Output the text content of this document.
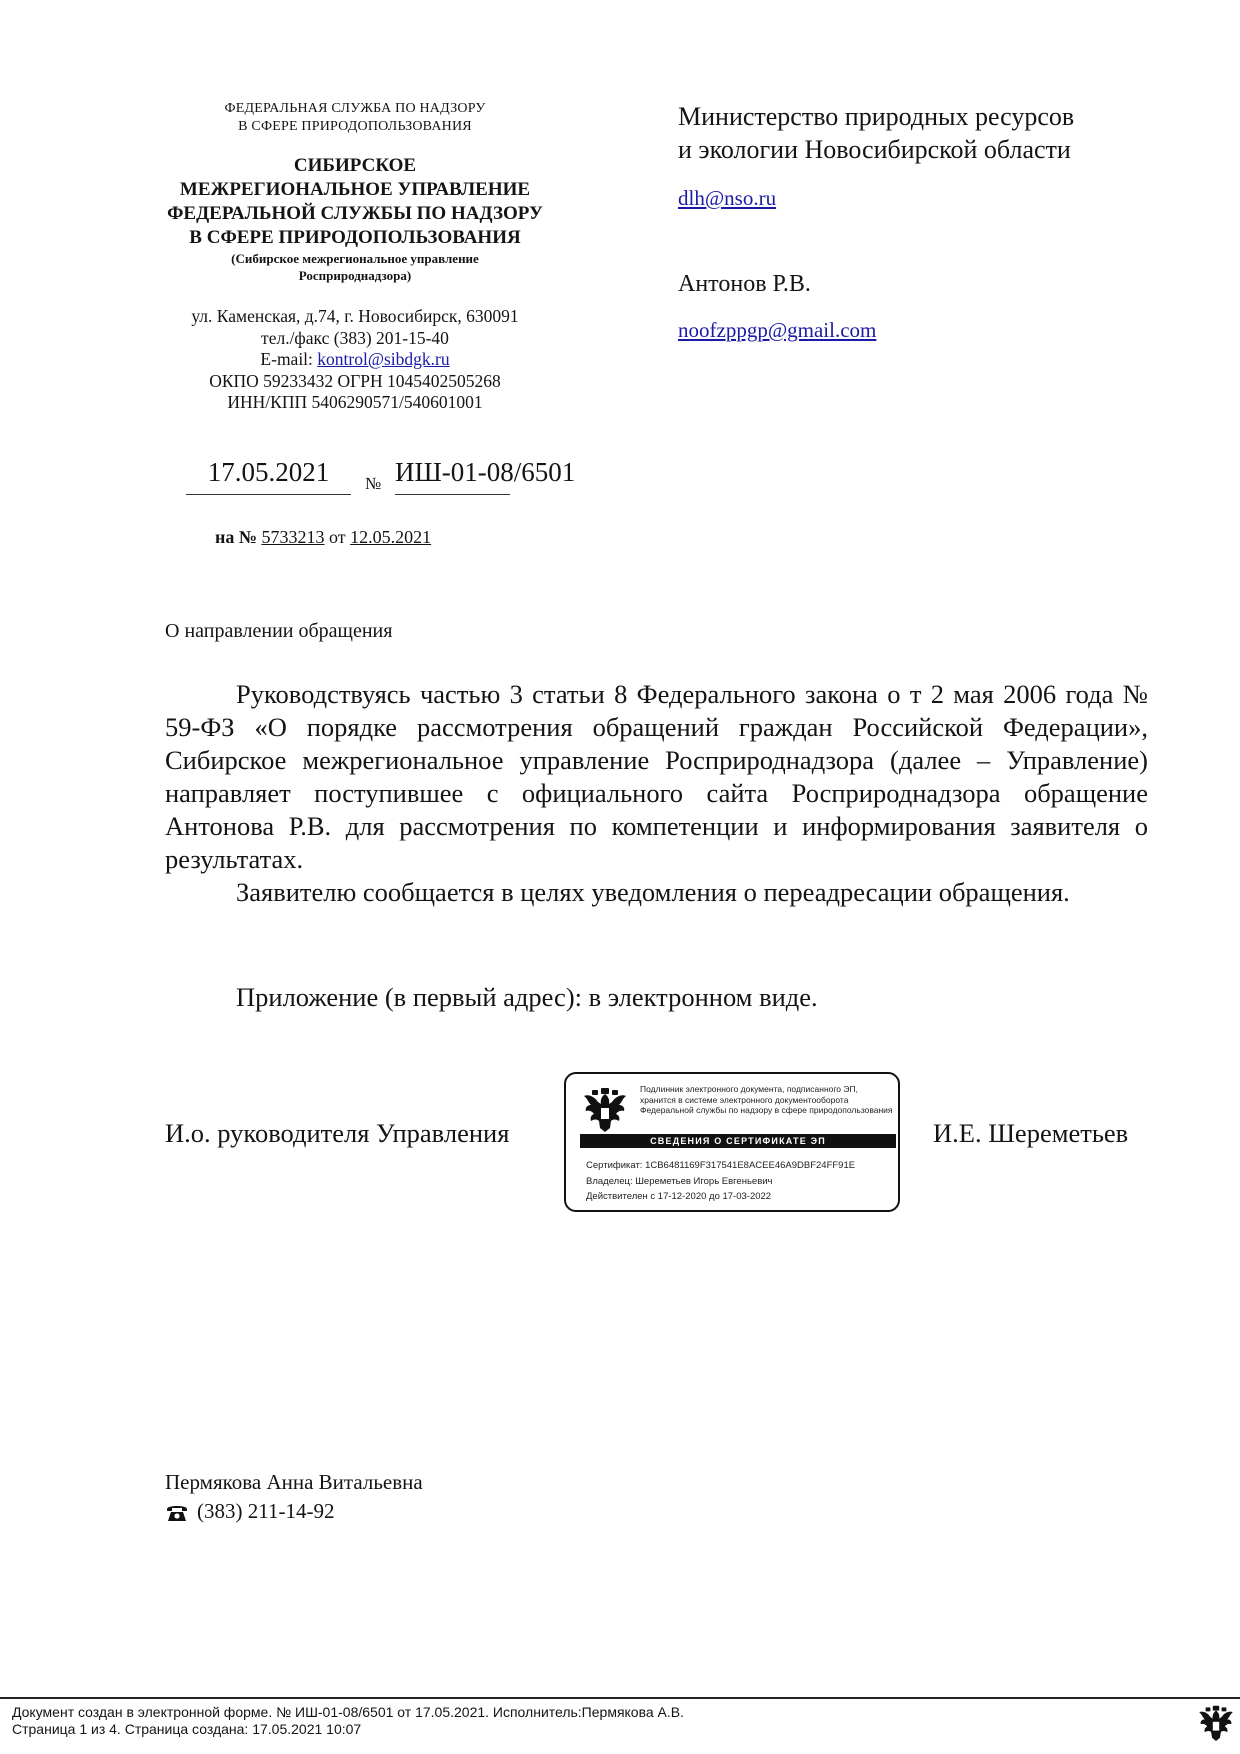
ФЕДЕРАЛЬНАЯ СЛУЖБА ПО НАДЗОРУ
В СФЕРЕ ПРИРОДОПОЛЬЗОВАНИЯ
СИБИРСКОЕ
МЕЖРЕГИОНАЛЬНОЕ УПРАВЛЕНИЕ
ФЕДЕРАЛЬНОЙ СЛУЖБЫ ПО НАДЗОРУ
В СФЕРЕ ПРИРОДОПОЛЬЗОВАНИЯ
(Сибирское межрегиональное управление
Росприроднадзора)
ул. Каменская, д.74, г. Новосибирск, 630091
тел./факс (383) 201-15-40
E-mail: kontrol@sibdgk.ru
ОКПО 59233432 ОГРН 1045402505268
ИНН/КПП 5406290571/540601001
17.05.2021	№ ИШ-01-08/6501
на № 5733213 от 12.05.2021
Министерство природных ресурсов
и экологии Новосибирской области
dlh@nso.ru
Антонов Р.В.
noofzppgp@gmail.com
О направлении обращения

Руководствуясь частью 3 статьи 8 Федерального закона о т 2 мая 2006 года № 59-ФЗ «О порядке рассмотрения обращений граждан Российской Федерации», Сибирское межрегиональное управление Росприроднадзора (далее – Управление) направляет поступившее с официального сайта Росприроднадзора обращение Антонова Р.В. для рассмотрения по компетенции и информирования заявителя о результатах.

Заявителю сообщается в целях уведомления о переадресации обращения.

Приложение (в первый адрес): в электронном виде.
И.о. руководителя Управления	И.Е. Шереметьев
Подлинник электронного документа, подписанного ЭП, хранится в системе электронного документооборота Федеральной службы по надзору в сфере природопользования
СВЕДЕНИЯ О СЕРТИФИКАТЕ ЭП
Сертификат: 1CB6481169F317541E8ACEE46A9DBF24FF91E
Владелец: Шереметьев Игорь Евгеньевич
Действителен с 17-12-2020 до 17-03-2022
Пермякова Анна Витальевна
(383) 211-14-92
Документ создан в электронной форме. № ИШ-01-08/6501 от 17.05.2021. Исполнитель:Пермякова А.В.
Страница 1 из 4. Страница создана: 17.05.2021 10:07
